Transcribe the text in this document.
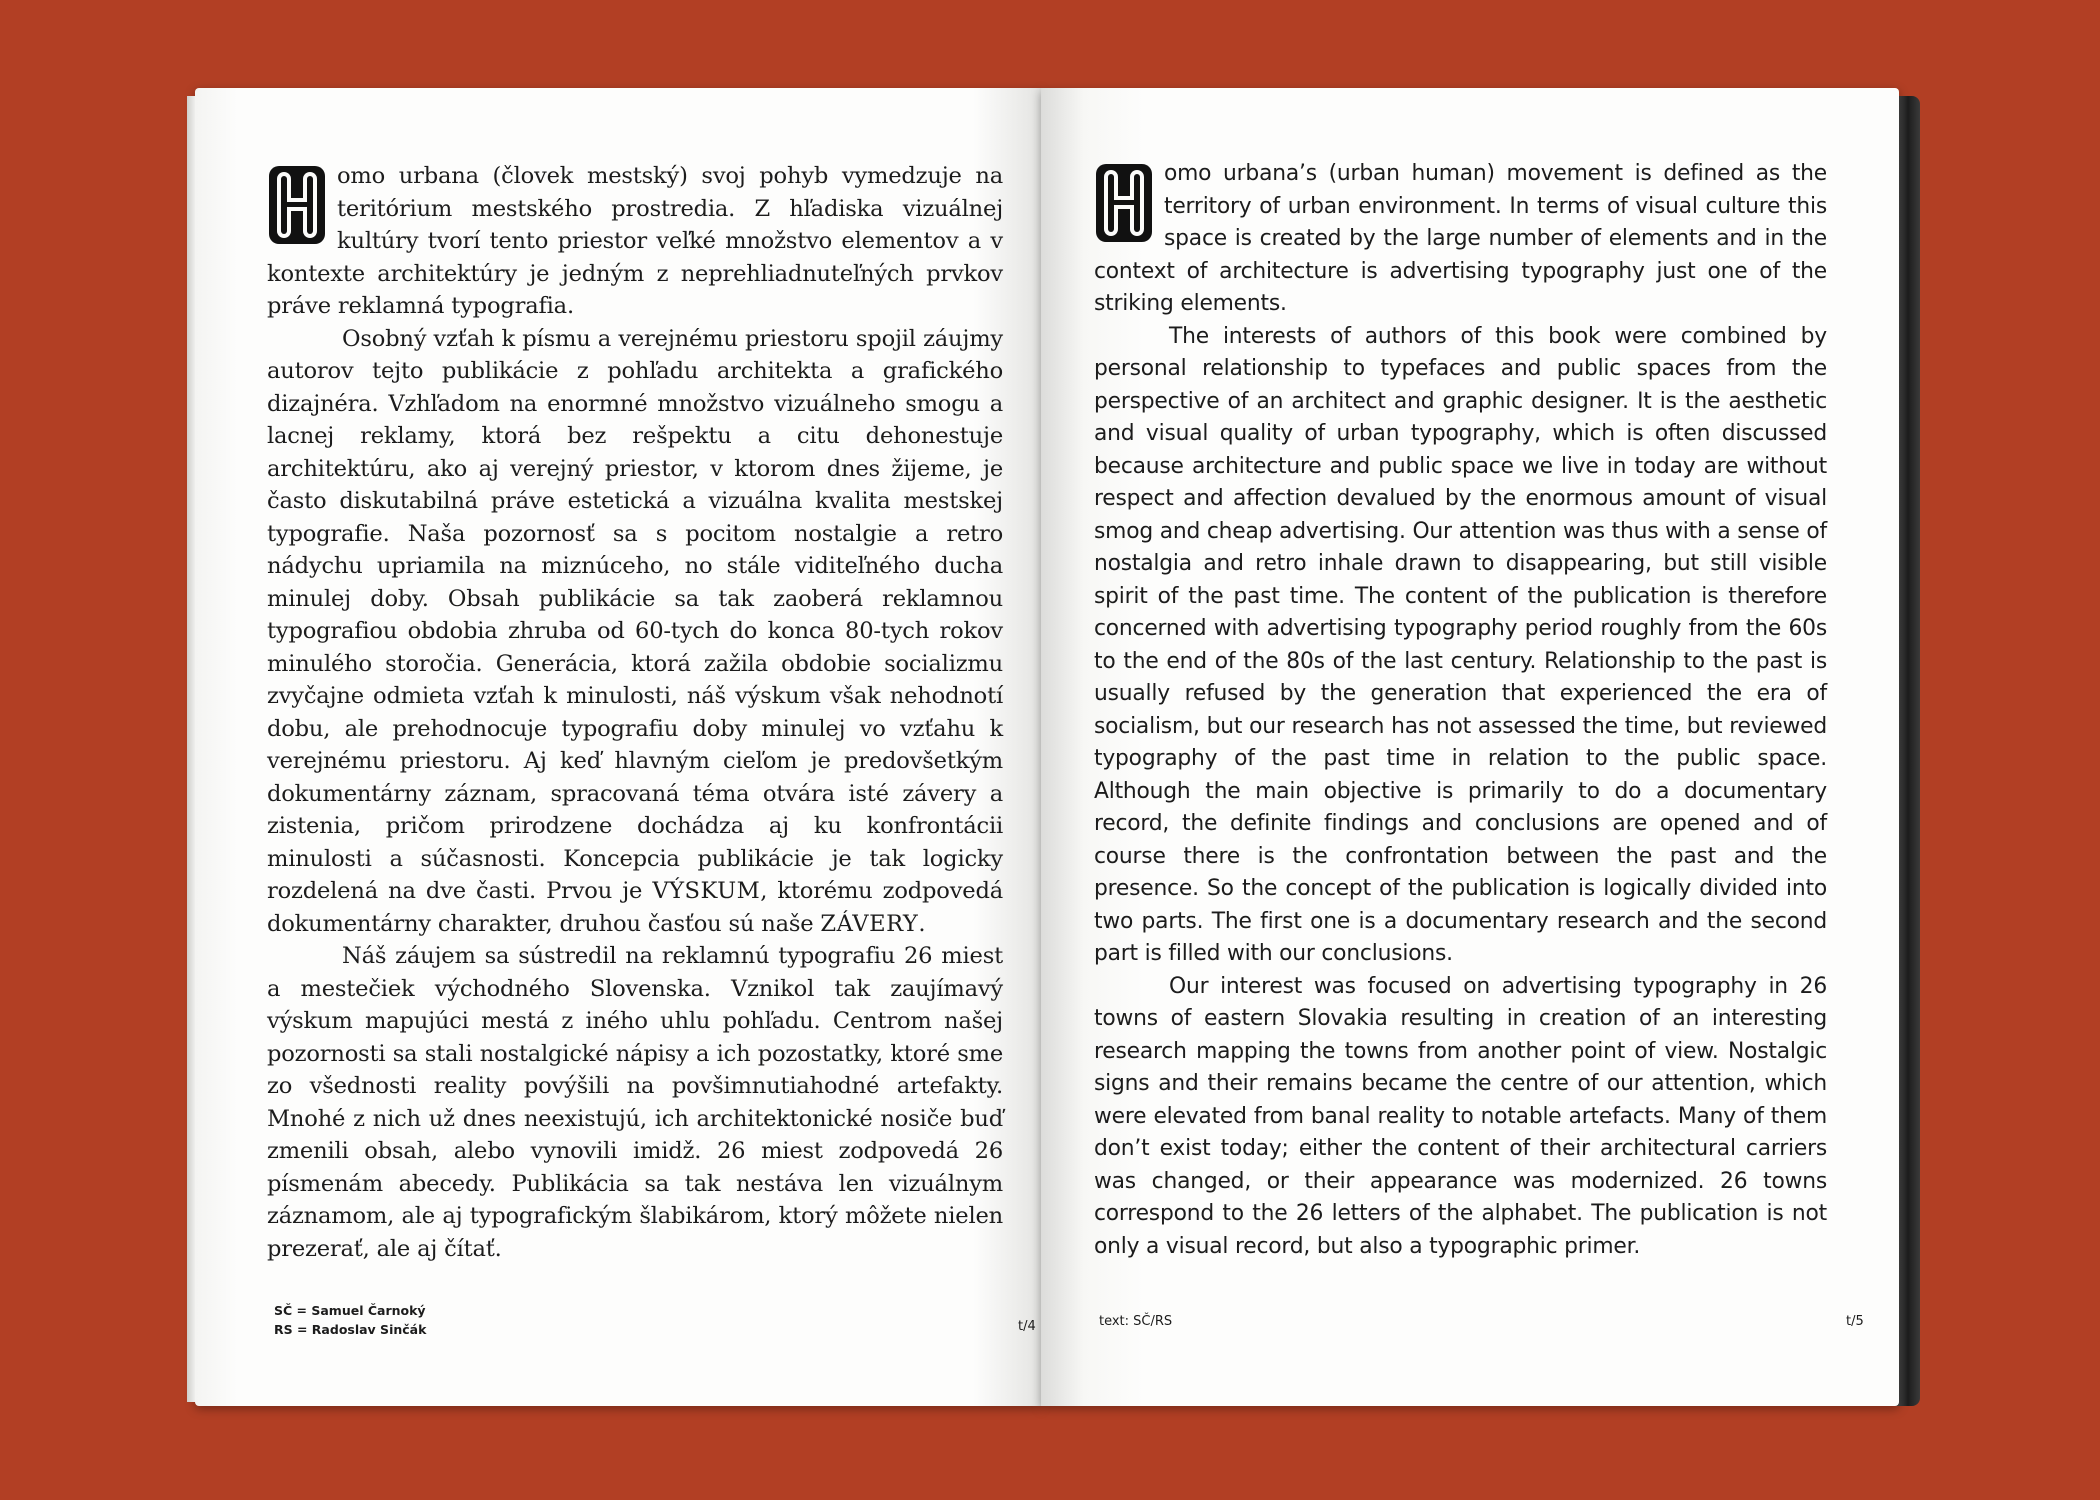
omo urbana (človek mestský) svoj pohyb vymedzuje na teritórium mestského prostredia. Z hľadiska vizuálnej kultúry tvorí tento priestor veľké množstvo elementov a v kontexte architektúry je jedným z neprehliadnuteľných prvkov práve reklamná typografia.

Osobný vzťah k písmu a verejnému priestoru spojil záujmy autorov tejto publikácie z pohľadu architekta a grafického dizajnéra. Vzhľadom na enormné množstvo vizuálneho smogu a lacnej reklamy, ktorá bez rešpektu a citu dehonestuje architektúru, ako aj verejný priestor, v ktorom dnes žijeme, je často diskutabilná práve estetická a vizuálna kvalita mestskej typografie. Naša pozornosť sa s pocitom nostalgie a retro nádychu upriamila na miznúceho, no stále viditeľného ducha minulej doby. Obsah publikácie sa tak zaoberá reklamnou typografiou obdobia zhruba od 60-tych do konca 80-tych rokov minulého storočia. Generácia, ktorá zažila obdobie socializmu zvyčajne odmieta vzťah k minulosti, náš výskum však nehodnotí dobu, ale prehodnocuje typografiu doby minulej vo vzťahu k verejnému priestoru. Aj keď hlavným cieľom je predovšetkým dokumentárny záznam, spracovaná téma otvára isté závery a zistenia, pričom prirodzene dochádza aj ku konfrontácii minulosti a súčasnosti. Koncepcia publikácie je tak logicky rozdelená na dve časti. Prvou je VÝSKUM, ktorému zodpovedá dokumentárny charakter, druhou časťou sú naše ZÁVERY.

Náš záujem sa sústredil na reklamnú typografiu 26 miest a mestečiek východného Slovenska. Vznikol tak zaujímavý výskum mapujúci mestá z iného uhlu pohľadu. Centrom našej pozornosti sa stali nostalgické nápisy a ich pozostatky, ktoré sme zo všednosti reality povýšili na povšimnutiahodné artefakty. Mnohé z nich už dnes neexistujú, ich architektonické nosiče buď zmenili obsah, alebo vynovili imidž. 26 miest zodpovedá 26 písmenám abecedy. Publikácia sa tak nestáva len vizuálnym záznamom, ale aj typografickým šlabikárom, ktorý môžete nielen prezerať, ale aj čítať.

SČ = Samuel Čarnoký
RS = Radoslav Sinčák	t/4

omo urbana’s (urban human) movement is defined as the territory of urban environment. In terms of visual culture this space is created by the large number of elements and in the context of architecture is advertising typography just one of the striking elements.

The interests of authors of this book were combined by personal relationship to typefaces and public spaces from the perspective of an architect and graphic designer. It is the aesthetic and visual quality of urban typography, which is often discussed because architecture and public space we live in today are without respect and affection devalued by the enormous amount of visual smog and cheap advertising. Our attention was thus with a sense of nostalgia and retro inhale drawn to disappearing, but still visible spirit of the past time. The content of the publication is therefore concerned with advertising typography period roughly from the 60s to the end of the 80s of the last century. Relationship to the past is usually refused by the generation that experienced the era of socialism, but our research has not assessed the time, but reviewed typography of the past time in relation to the public space. Although the main objective is primarily to do a documentary record, the definite findings and conclusions are opened and of course there is the confrontation between the past and the presence. So the concept of the publication is logically divided into two parts. The first one is a documentary research and the second part is filled with our conclusions.

Our interest was focused on advertising typography in 26 towns of eastern Slovakia resulting in creation of an interesting research mapping the towns from another point of view. Nostalgic signs and their remains became the centre of our attention, which were elevated from banal reality to notable artefacts. Many of them don’t exist today; either the content of their architectural carriers was changed, or their appearance was modernized. 26 towns correspond to the 26 letters of the alphabet. The publication is not only a visual record, but also a typographic primer.

text: SČ/RS	t/5
